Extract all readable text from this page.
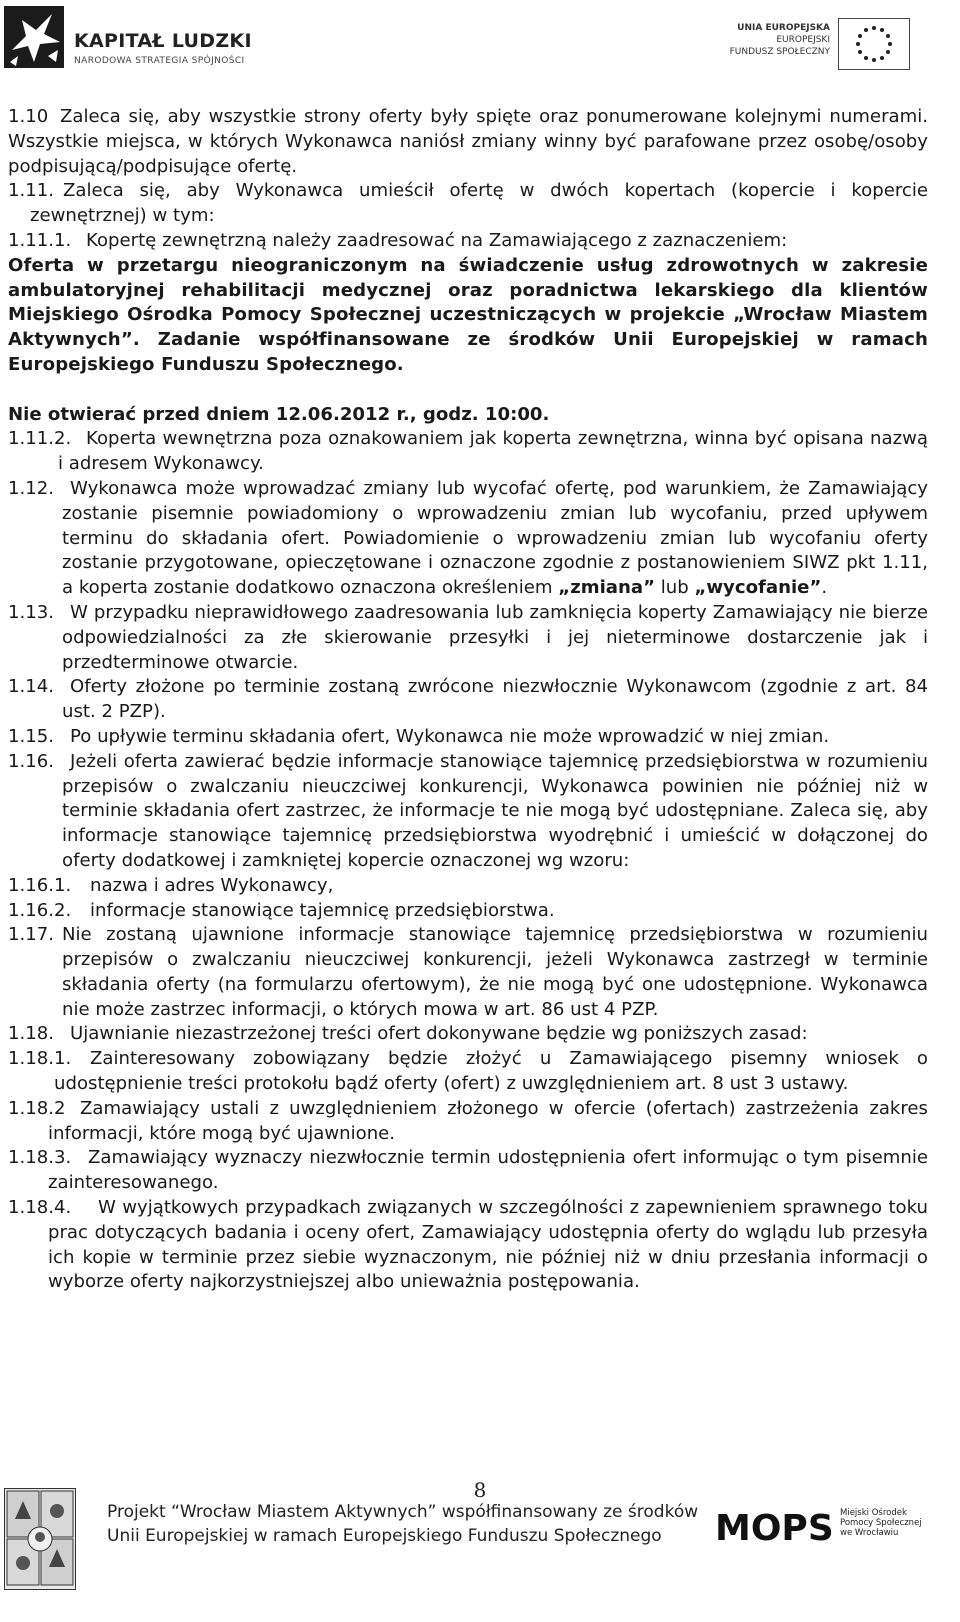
KAPITAŁ LUDZKI
NARODOWA STRATEGIA SPÓJNOŚCI
UNIA EUROPEJSKA
EUROPEJSKI
FUNDUSZ SPOŁECZNY
1.10 Zaleca się, aby wszystkie strony oferty były spięte oraz ponumerowane kolejnymi numerami. Wszystkie miejsca, w których Wykonawca naniósł zmiany winny być parafowane przez osobę/osoby podpisującą/podpisujące ofertę.
1.11. Zaleca się, aby Wykonawca umieścił ofertę w dwóch kopertach (kopercie i kopercie zewnętrznej) w tym:
1.11.1. Kopertę zewnętrzną należy zaadresować na Zamawiającego z zaznaczeniem:
Oferta w przetargu nieograniczonym na świadczenie usług zdrowotnych w zakresie ambulatoryjnej rehabilitacji medycznej oraz poradnictwa lekarskiego dla klientów Miejskiego Ośrodka Pomocy Społecznej uczestniczących w projekcie „Wrocław Miastem Aktywnych”. Zadanie współfinansowane ze środków Unii Europejskiej w ramach Europejskiego Funduszu Społecznego.
Nie otwierać przed dniem 12.06.2012 r., godz. 10:00.
1.11.2. Koperta wewnętrzna poza oznakowaniem jak koperta zewnętrzna, winna być opisana nazwą i adresem Wykonawcy.
1.12. Wykonawca może wprowadzać zmiany lub wycofać ofertę, pod warunkiem, że Zamawiający zostanie pisemnie powiadomiony o wprowadzeniu zmian lub wycofaniu, przed upływem terminu do składania ofert. Powiadomienie o wprowadzeniu zmian lub wycofaniu oferty zostanie przygotowane, opieczętowane i oznaczone zgodnie z postanowieniem SIWZ pkt 1.11, a koperta zostanie dodatkowo oznaczona określeniem „zmiana” lub „wycofanie”.
1.13. W przypadku nieprawidłowego zaadresowania lub zamknięcia koperty Zamawiający nie bierze odpowiedzialności za złe skierowanie przesyłki i jej nieterminowe dostarczenie jak i przedterminowe otwarcie.
1.14. Oferty złożone po terminie zostaną zwrócone niezwłocznie Wykonawcom (zgodnie z art. 84 ust. 2 PZP).
1.15. Po upływie terminu składania ofert, Wykonawca nie może wprowadzić w niej zmian.
1.16. Jeżeli oferta zawierać będzie informacje stanowiące tajemnicę przedsiębiorstwa w rozumieniu przepisów o zwalczaniu nieuczciwej konkurencji, Wykonawca powinien nie później niż w terminie składania ofert zastrzec, że informacje te nie mogą być udostępniane. Zaleca się, aby informacje stanowiące tajemnicę przedsiębiorstwa wyodrębnić i umieścić w dołączonej do oferty dodatkowej i zamkniętej kopercie oznaczonej wg wzoru:
1.16.1.	nazwa i adres Wykonawcy,
1.16.2.	informacje stanowiące tajemnicę przedsiębiorstwa.
1.17. Nie zostaną ujawnione informacje stanowiące tajemnicę przedsiębiorstwa w rozumieniu przepisów o zwalczaniu nieuczciwej konkurencji, jeżeli Wykonawca zastrzegł w terminie składania oferty (na formularzu ofertowym), że nie mogą być one udostępnione. Wykonawca nie może zastrzec informacji, o których mowa w art. 86 ust 4 PZP.
1.18. Ujawnianie niezastrzeżonej treści ofert dokonywane będzie wg poniższych zasad:
1.18.1.	Zainteresowany zobowiązany będzie złożyć u Zamawiającego pisemny wniosek o udostępnienie treści protokołu bądź oferty (ofert) z uwzględnieniem art. 8 ust 3 ustawy.
1.18.2 Zamawiający ustali z uwzględnieniem złożonego w ofercie (ofertach) zastrzeżenia zakres informacji, które mogą być ujawnione.
1.18.3. Zamawiający wyznaczy niezwłocznie termin udostępnienia ofert informując o tym pisemnie zainteresowanego.
1.18.4.	W wyjątkowych przypadkach związanych w szczególności z zapewnieniem sprawnego toku prac dotyczących badania i oceny ofert, Zamawiający udostępnia oferty do wglądu lub przesyła ich kopie w terminie przez siebie wyznaczonym, nie później niż w dniu przesłania informacji o wyborze oferty najkorzystniejszej albo unieważnia postępowania.
8
Projekt “Wrocław Miastem Aktywnych” współfinansowany ze środków
Unii Europejskiej w ramach Europejskiego Funduszu Społecznego	MOPS Miejski Ośrodek
Pomocy Społecznej
we Wrocławiu
